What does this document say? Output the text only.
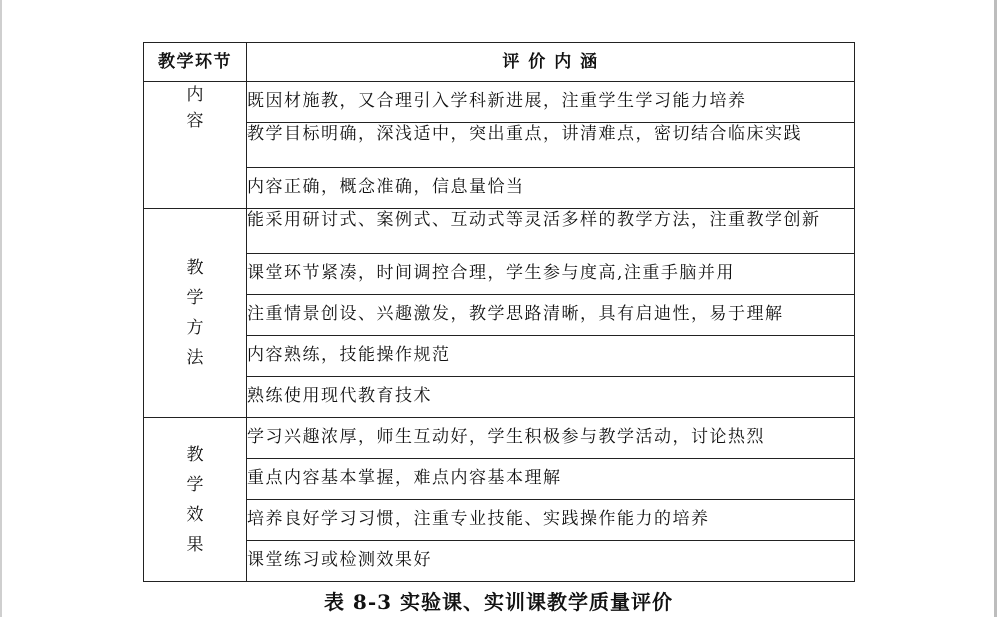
教学环节	评 价 内 涵

内容	既因材施教，又合理引入学科新进展，注重学生学习能力培养
	教学目标明确，深浅适中，突出重点，讲清难点，密切结合临床实践
	内容正确，概念准确，信息量恰当

教学方法	能采用研讨式、案例式、互动式等灵活多样的教学方法，注重教学创新
	课堂环节紧凑，时间调控合理，学生参与度高,注重手脑并用
	注重情景创设、兴趣激发，教学思路清晰，具有启迪性，易于理解
	内容熟练，技能操作规范
	熟练使用现代教育技术

教学效果	学习兴趣浓厚，师生互动好，学生积极参与教学活动，讨论热烈
	重点内容基本掌握，难点内容基本理解
	培养良好学习习惯，注重专业技能、实践操作能力的培养
	课堂练习或检测效果好
表 8-3 实验课、实训课教学质量评价
